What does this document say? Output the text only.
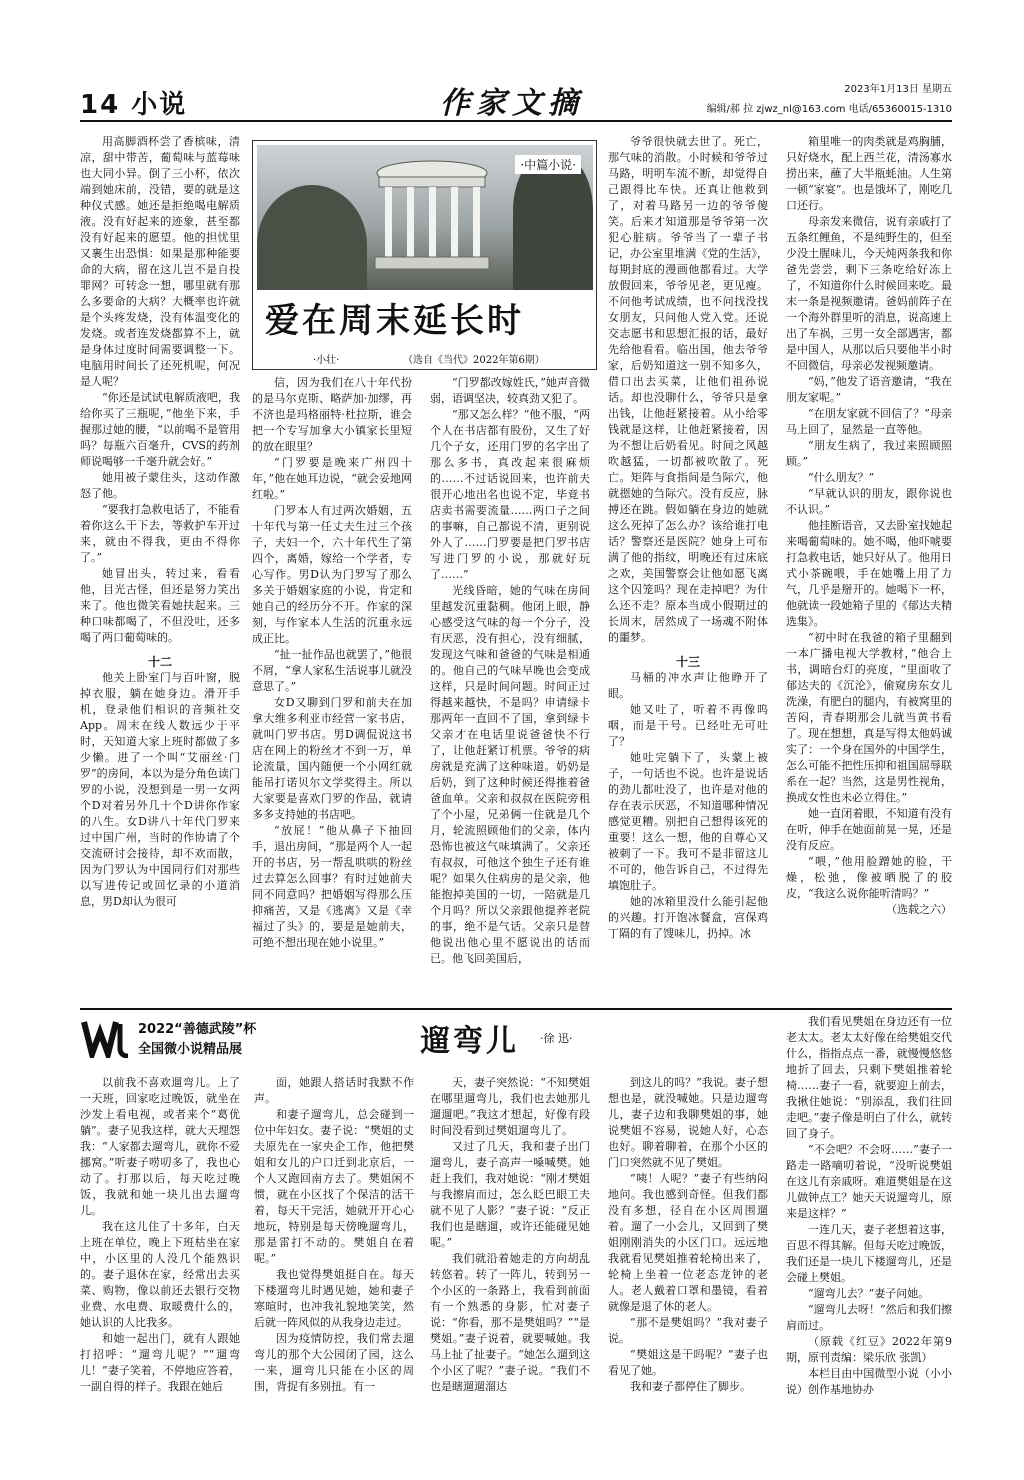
14 小说	作家文摘	2023年1月13日 星期五
编辑/郝 拉 zjwz_nl@163.com 电话/65360015-1310

用高脚酒杯尝了香槟味，清凉，甜中带苦，葡萄味与蓝莓味也大同小异。倒了三小杯，依次端到她床前，没错，要的就是这种仪式感。她还是拒绝喝电解质液。没有好起来的迹象，甚至都没有好起来的愿望。他的担忧里又裹生出恐惧：如果是那种能要命的大病，留在这儿岂不是自投罪网？可转念一想，哪里就有那么多要命的大病？大概率也许就是个头疼发烧，没有体温变化的发烧。或者连发烧都算不上，就是身体过度时间需要调整一下。电脑用时间长了还死机呢，何况是人呢？

“你还是试试电解质液吧，我给你买了三瓶呢，”他坐下来，手握那过她的腰，“以前喝不是管用吗？每瓶六百毫升，CVS的药剂师说喝够一千毫升就会好。”

她用被子蒙住头，这动作激怒了他。

“要我打急救电话了，不能看着你这么干下去，等救护车开过来，就由不得我，更由不得你了。”

她冒出头，转过来，看看他，目光古怪，但还是努力笑出来了。他也微笑看她扶起来。三种口味都喝了，不但没吐，还多喝了两口葡萄味的。

十二

他关上卧室门与百叶窗，脱掉衣服，躺在她身边。滑开手机，登录他们相识的音频社交App。周末在线人数远少于平时，天知道大家上班时都做了多少懒。进了一个叫“艾丽丝·门罗”的房间，本以为是分角色读门罗的小说，没想到是一男一女两个D对着另外几十个D讲你作家的八生。女D讲八十年代门罗来过中国广州，当时的作协请了个交流研讨会接待，却不欢而散，因为门罗认为中国同行们对那些以写进传记或回忆录的小道消息，男D却认为很可

·中篇小说·
爱在周末延长时
·小壮·	（选自《当代》2022年第6期）

信，因为我们在八十年代扮的是马尔克斯、略萨加·加缪，再不济也是玛格丽特·杜拉斯，谁会把一个专写加拿大小镇家长里短的放在眼里？

“门罗要是晚来广州四十年，”他在她耳边说，“就会妥地网红啦。”

门罗本人有过两次婚姻，五十年代与第一任丈夫生过三个孩子，夫妇一个，六十年代生了第四个，离婚，嫁给一个学者，专心写作。男D认为门罗写了那么多关于婚姻家庭的小说，肯定和她自己的经历分不开。作家的深刻，与作家本人生活的沉重永远成正比。

“扯一扯作品也就罢了，”他很不屑，“拿人家私生活说事儿就没意思了。”

女D又聊到门罗和前夫在加拿大维多利亚市经营一家书店，就叫门罗书店。男D调侃说这书店在网上的粉丝才不到一万，单论流量，国内随便一个小网红就能吊打诺贝尔文学奖得主。所以大家要是喜欢门罗的作品，就请多多支持她的书店吧。

“放屁！”他从鼻子下抽回手，退出房间，“那是两个人一起开的书店，另一帮乱哄哄的粉丝过去算怎么回事？有时过她前夫同不同意吗？把婚姻写得那么压抑痛苦，又是《逃离》又是《幸福过了头》的，要是是她前夫，可绝不想出现在她小说里。”

“门罗都改嫁姓氏，”她声音微弱，语调坚决，较真劲又犯了。

“那又怎么样？”他不服，“两个人在书店都有股份，又生了好几个子女，还用门罗的名字出了那么多书，真改起来很麻烦的……不过话说回来，也许前夫很开心地出名也说不定，毕竟书店卖书需要流量……两口子之间的事嘛，自己都说不清，更别说外人了……门罗要是把门罗书店写进门罗的小说，那就好玩了……”

光线昏暗，她的气味在房间里越发沉重黏稠。他闭上眼，静心感受这气味的每一个分子，没有厌恶，没有担心，没有细腻，发现这气味和爸爸的气味是相通的。他自己的气味早晚也会变成这样，只是时间问题。时间正过得越来越快，不是吗？申请绿卡那两年一直回不了国，拿到绿卡父亲才在电话里说爸爸快不行了，让他赶紧订机票。爷爷的病房就是充满了这种味道。奶奶是后奶，到了这种时候还得推着爸爸血单。父亲和叔叔在医院旁租了个小屋，兄弟俩一住就是几个月，轮流照顾他们的父亲，体内恐怖也被这气味填满了。父亲还有叔叔，可他这个独生子还有谁呢？如果久住病房的是父亲，他能抱掉美国的一切，一陪就是几个月吗？所以父亲跟他提养老院的事，绝不是气话。父亲只是替他说出他心里不愿说出的话而已。他飞回美国后，

爷爷很快就去世了。死亡，那气味的消散。小时候和爷爷过马路，明明车流不断，却觉得自己跟得比车快。还真让他救到了，对着马路另一边的爷爷傻笑。后来才知道那是爷爷第一次犯心脏病。爷爷当了一辈子书记，办公室里堆满《党的生活》，每期封底的漫画他都看过。大学放假回来，爷爷见老，更见瘦。不问他考试成绩，也不问找没找女朋友，只问他人党入党。还说交志愿书和思想汇报的话，最好先给他看看。临出国，他去爷爷家，后奶知道这一别不知多久，借口出去买菜，让他们祖孙说话。却也没聊什么，爷爷只是拿出钱，让他赶紧接着。从小给零钱就是这样，让他赶紧接着，因为不想让后奶看见。时间之风越吹越猛，一切都被吹散了。死亡。矩阵与食指间是刍际穴，他就摁她的刍际穴。没有反应，脉搏还在跳。假如躺在身边的她就这么死掉了怎么办？该给谁打电话？警察还是医院？她身上可布满了他的指纹，明晚还有过床底之欢，美国警察会让他如愿飞离这个囚笼吗？现在走掉吧？为什么还不走？原本当成小假期过的长周末，居然成了一场魂不附体的噩梦。

十三

马桶的冲水声让他睁开了眼。

她又吐了，听着不再像呜咽，而是干号。已经吐无可吐了？

她吐完躺下了，头蒙上被子，一句话也不说。也许是说话的劲儿都吐没了，也许是对他的存在表示厌恶，不知道哪种情况感觉更糟。别把自己想得该死的重要！这么一想，他的自尊心又被刺了一下。我可不是非留这儿不可的，他告诉自己，不过得先填饱肚子。

她的冰箱里没什么能引起他的兴趣。打开饱冰餐盒，宫保鸡丁隔的有了馊味儿，扔掉。冰

箱里唯一的肉类就是鸡胸脯，只好烧水，配上西兰花，清汤寡水捞出来，蘸了大半瓶蚝油。人生第一顿“家宴”。也是饿坏了，刚吃几口还行。

母亲发来微信，说有亲戚打了五条红鲤鱼，不是纯野生的，但至少没土腥味儿，今天炖两条我和你爸先尝尝，剩下三条吃给好冻上了，不知道你什么时候回来吃。最末一条是视频邀请。爸妈前阵子在一个海外群里听的消息，说高速上出了车祸，三男一女全部遇害，都是中国人，从那以后只要他半小时不回微信，母亲必发视频邀请。

“妈，”他发了语音邀请，“我在朋友家呢。”

“在朋友家就不回信了？”母亲马上回了，显然是一直等他。

“朋友生病了，我过来照顾照顾。”

“什么朋友？”

“早就认识的朋友，跟你说也不认识。”

他挂断语音，又去卧室找她起来喝葡萄味的。她不喝，他吓唬要打急救电话，她只好从了。他用日式小茶碗喂，手在她嘴上用了力气，几乎是掰开的。她喝下一杯，他就读一段她箱子里的《郁达夫精选集》。

“初中时在我爸的箱子里翻到一本广播电视大学教材，”他合上书，调暗台灯的亮度，“里面收了郁达夫的《沉沦》，偷窥房东女儿洗澡，有肥白的腿内，有被窝里的苦闷，青春期那会儿就当黄书看了。现在想想，真是写得太他妈诚实了：一个身在国外的中国学生，怎么可能不把性压抑和祖国屈辱联系在一起？当然，这是男性视角，换成女性也未必立得住。”

她一直闭着眼，不知道有没有在听，伸手在她面前晃一晃，还是没有反应。

“喂，”他用脸蹭她的脸，干燥，松弛，像被晒脱了的胶皮，“我这么说你能听清吗？”

（选载之六）

2022“善德武陵”杯
全国微小说精品展	遛弯儿 ·徐 迅·

以前我不喜欢遛弯儿。上了一天班，回家吃过晚饭，就坐在沙发上看电视，或者来个“葛优躺”。妻子见我这样，就大天埋怨我：“人家都去遛弯儿，就你不爱挪窝。”听妻子唠叨多了，我也心动了。打那以后，每天吃过晚饭，我就和她一块儿出去遛弯儿。

我在这儿住了十多年，白天上班在单位，晚上下班枯坐在家中，小区里的人没几个能熟识的。妻子退休在家，经常出去买菜、购物，像以前还去银行交物业费、水电费、取暖费什么的，她认识的人比我多。

和她一起出门，就有人跟她打招呼：“遛弯儿呢？”“遛弯儿！”妻子笑着，不停地应答着，一副自得的样子。我跟在她后

面，她跟人搭话时我默不作声。

和妻子遛弯儿，总会碰到一位中年妇女。妻子说：“樊姐的丈夫原先在一家央企工作，他把樊姐和女儿的户口迁到北京后，一个人又跑回南方去了。樊姐闲不惯，就在小区找了个保洁的活干着，每天干完活，她就开开心心地玩，特别是每天傍晚遛弯儿，那是雷打不动的。樊姐自在着呢。”

我也觉得樊姐挺自在。每天下楼遛弯儿时遇见她，她和妻子寒暄时，也冲我礼貌地笑笑，然后就一阵风似的从我身边走过。

因为疫情防控，我们常去遛弯儿的那个大公园闭了园，这么一来，遛弯儿只能在小区的周围，背捉有多别扭。有一

天，妻子突然说：“不知樊姐在哪里遛弯儿，我们也去她那儿遛遛吧。”我这才想起，好像有段时间没看到过樊姐遛弯儿了。

又过了几天，我和妻子出门遛弯儿，妻子高声一嗓喊樊。她赶上我们，我对她说：“刚才樊姐与我擦肩而过，怎么眨巴眼工夫就不见了人影？”妻子说：“反正我们也是瞎遛，或许还能碰见她呢。”

我们就沿着她走的方向胡乱转悠着。转了一阵儿，转到另一个小区的一条路上，我看到前面有一个熟悉的身影，忙对妻子说：“你看，那不是樊姐吗？”“是樊姐。”妻子说着，就要喊她。我马上扯了扯妻子。“她怎么遛到这个小区了呢？”妻子说。“我们不也是瞎遛遛溜达

到这儿的吗？”我说。妻子想想也是，就没喊她。只是边遛弯儿，妻子边和我聊樊姐的事，她说樊姐不容易，说她人好，心态也好。聊着聊着，在那个小区的门口突然就不见了樊姐。

“咦！人呢？”妻子有些纳闷地问。我也感到奇怪。但我们都没有多想，径自在小区周围遛着。遛了一小会儿，又回到了樊姐刚刚消失的小区门口。远远地我就看见樊姐推着轮椅出来了，轮椅上坐着一位老态龙钟的老人。老人戴着口罩和墨镜，看着就像是退了休的老人。

“那不是樊姐吗？”我对妻子说。

“樊姐这是干吗呢？”妻子也看见了她。

我和妻子都停住了脚步。

我们看见樊姐在身边还有一位老太太。老太太好像在给樊姐交代什么，指指点点一番，就慢慢悠悠地折了回去，只剩下樊姐推着轮椅……妻子一看，就要迎上前去，我揪住她说：“别添乱，我们往回走吧。”妻子像是明白了什么，就转回了身子。

“不会吧？不会呀……”妻子一路走一路嘀叨着说，“没听说樊姐在这儿有亲戚呀。难道樊姐是在这儿做钟点工？她天天说遛弯儿，原来是这样？”

一连几天，妻子老想着这事，百思不得其解。但每天吃过晚饭，我们还是一块儿下楼遛弯儿，还是会碰上樊姐。

“遛弯儿去？”妻子问她。

“遛弯儿去呀！”然后和我们擦肩而过。

（原载《红豆》2022年第9期，原刊责编：梁乐欣 张凯）

本栏目由中国微型小说（小小说）创作基地协办
